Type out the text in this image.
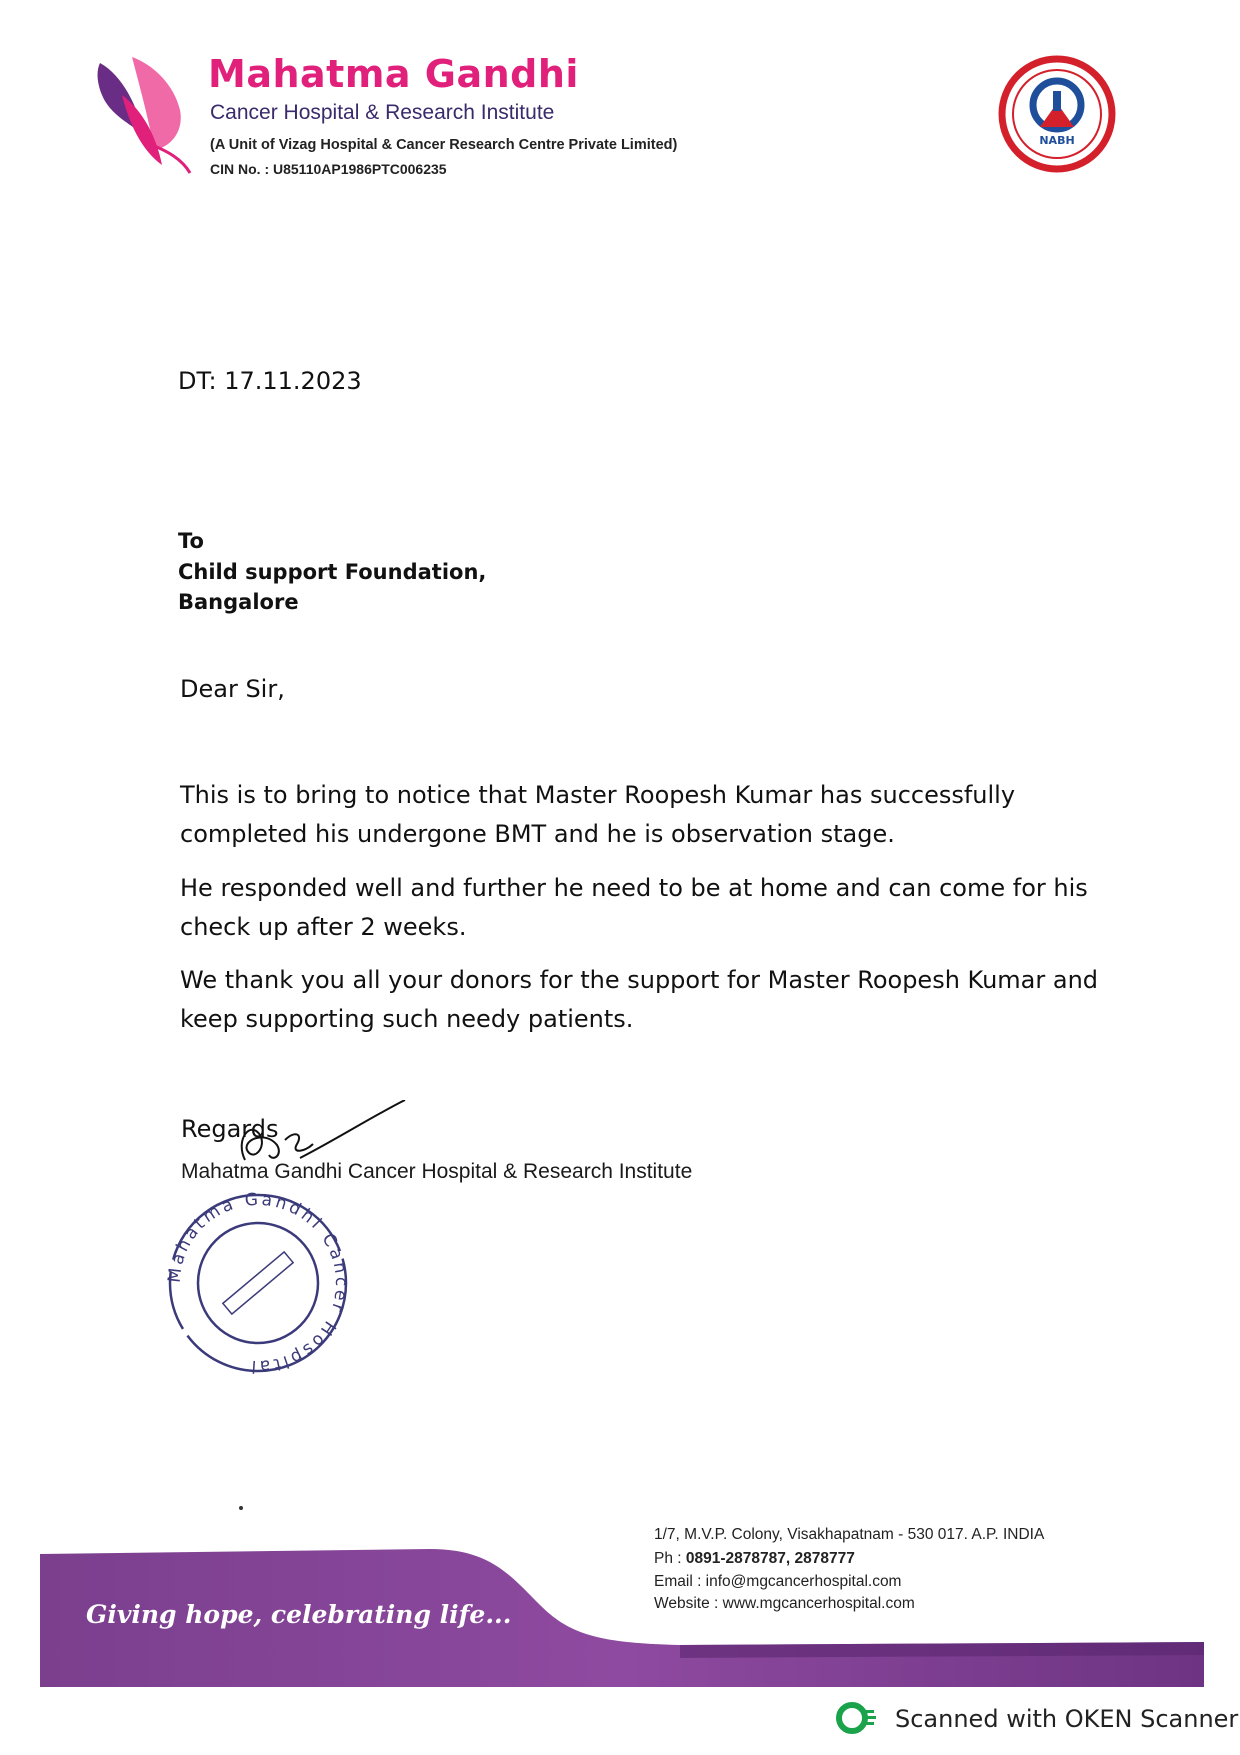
Mahatma Gandhi
Cancer Hospital & Research Institute
(A Unit of Vizag Hospital & Cancer Research Centre Private Limited)
CIN No. : U85110AP1986PTC006235
NABH
DT: 17.11.2023
To
Child support Foundation,
Bangalore
Dear Sir,
This is to bring to notice that Master Roopesh Kumar has successfully completed his undergone BMT and he is observation stage.
He responded well and further he need to be at home and can come for his check up after 2 weeks.
We thank you all your donors for the support for Master Roopesh Kumar and keep supporting such needy patients.
Regards
Mahatma Gandhi Cancer Hospital & Research Institute
Mahatma Gandhi Cancer Hospital
Giving hope, celebrating life...
1/7, M.V.P. Colony, Visakhapatnam - 530 017. A.P. INDIA
Ph : 0891-2878787, 2878777
Email : info@mgcancerhospital.com
Website : www.mgcancerhospital.com
Scanned with OKEN Scanner
